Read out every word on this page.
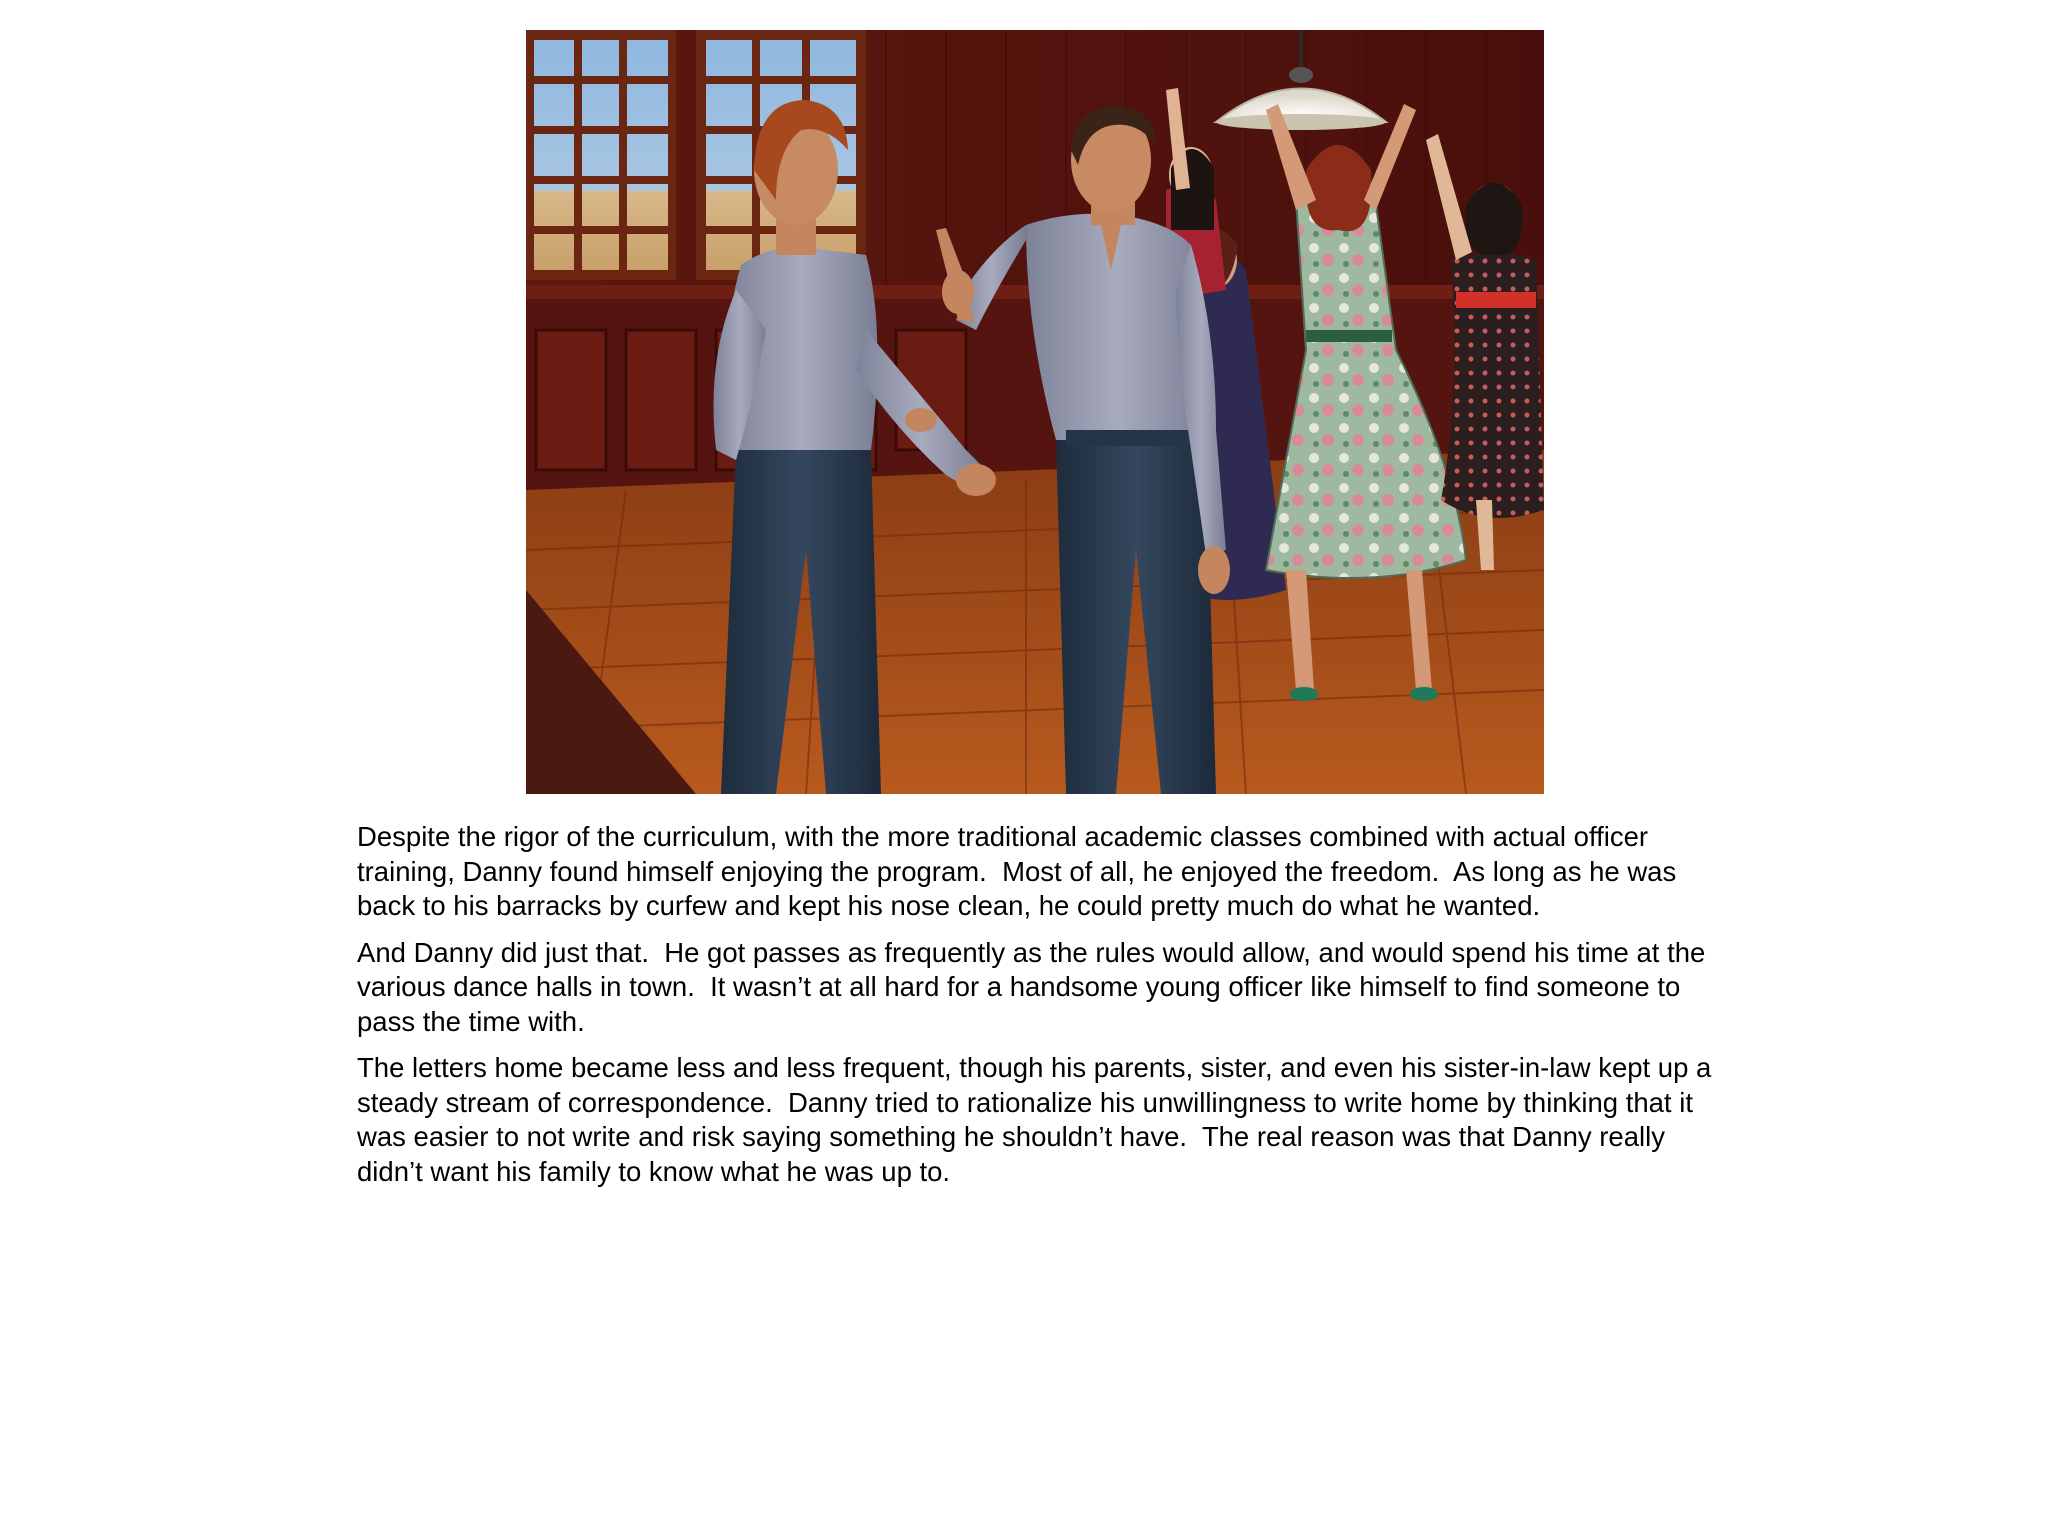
Despite the rigor of the curriculum, with the more traditional academic classes combined with actual officer training, Danny found himself enjoying the program.  Most of all, he enjoyed the freedom.  As long as he was back to his barracks by curfew and kept his nose clean, he could pretty much do what he wanted.

And Danny did just that.  He got passes as frequently as the rules would allow, and would spend his time at the various dance halls in town.  It wasn’t at all hard for a handsome young officer like himself to find someone to pass the time with.

The letters home became less and less frequent, though his parents, sister, and even his sister-in-law kept up a steady stream of correspondence.  Danny tried to rationalize his unwillingness to write home by thinking that it was easier to not write and risk saying something he shouldn’t have.  The real reason was that Danny really didn’t want his family to know what he was up to.
